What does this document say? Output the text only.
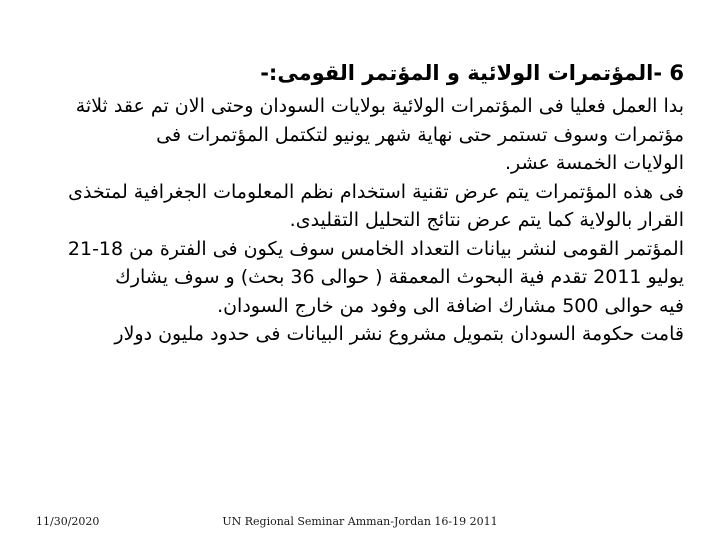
6 -المؤتمرات الولائية و المؤتمر القومى:-

بدا العمل فعليا فى المؤتمرات الولائية بولايات السودان وحتى الان تم عقد ثلاثة

مؤتمرات وسوف تستمر حتى نهاية شهر يونيو لتكتمل المؤتمرات فى

الولايات الخمسة عشر.

فى هذه المؤتمرات يتم عرض تقنية استخدام نظم المعلومات الجغرافية لمتخذى

القرار بالولاية كما يتم عرض نتائج التحليل التقليدى.

المؤتمر القومى لنشر بيانات التعداد الخامس سوف يكون فى الفترة من 18-21

يوليو 2011 تقدم فية البحوث المعمقة ( حوالى 36 بحث) و سوف يشارك

فيه حوالى 500 مشارك اضافة الى وفود من خارج السودان.

قامت حكومة السودان بتمويل مشروع نشر البيانات فى حدود مليون دولار

11/30/2020	UN Regional Seminar Amman-Jordan 16-19 2011
